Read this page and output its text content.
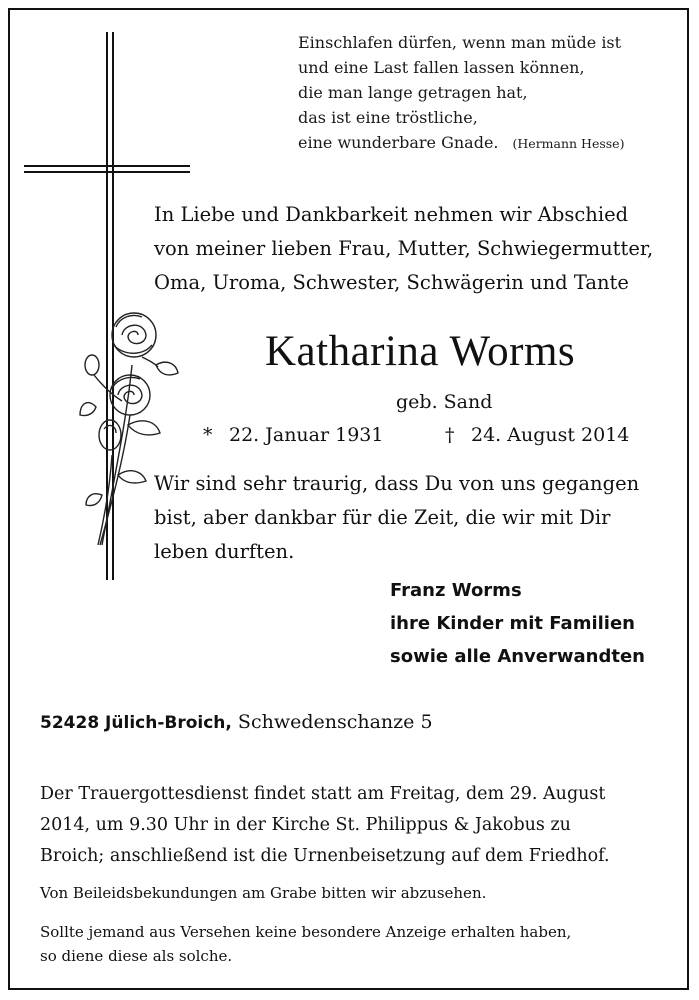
Einschlafen dürfen, wenn man müde ist
und eine Last fallen lassen können,
die man lange getragen hat,
das ist eine tröstliche,
eine wunderbare Gnade. (Hermann Hesse)
In Liebe und Dankbarkeit nehmen wir Abschied
von meiner lieben Frau, Mutter, Schwiegermutter,
Oma, Uroma, Schwester, Schwägerin und Tante
Katharina Worms
geb. Sand
* 22. Januar 1931	† 24. August 2014
Wir sind sehr traurig, dass Du von uns gegangen
bist, aber dankbar für die Zeit, die wir mit Dir
leben durften.
Franz Worms
ihre Kinder mit Familien
sowie alle Anverwandten
52428 Jülich-Broich, Schwedenschanze 5
Der Trauergottesdienst findet statt am Freitag, dem 29. August
2014, um 9.30 Uhr in der Kirche St. Philippus & Jakobus zu
Broich; anschließend ist die Urnenbeisetzung auf dem Friedhof.
Von Beileidsbekundungen am Grabe bitten wir abzusehen.
Sollte jemand aus Versehen keine besondere Anzeige erhalten haben,
so diene diese als solche.
